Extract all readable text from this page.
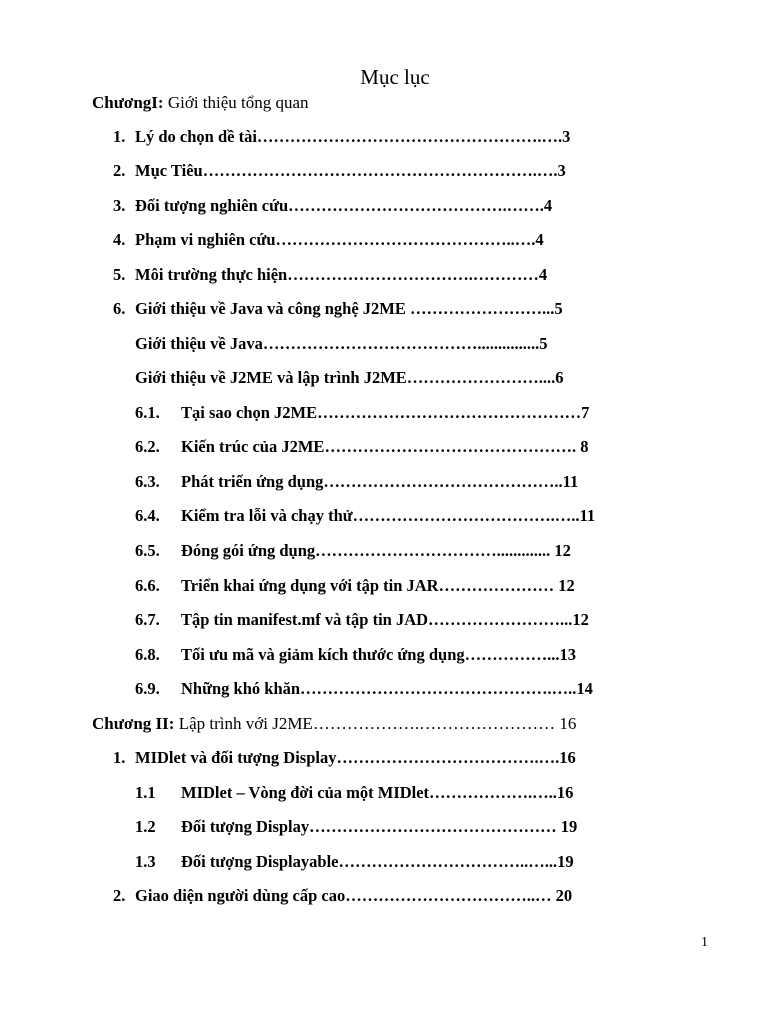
Mục lục
ChươngI: Giới thiệu tổng quan
1. Lý do chọn dề tài…………………………………………….….3
2. Mục Tiêu…………………………………………………….….3
3. Đối tượng nghiên cứu………………………………….…….4
4. Phạm vi nghiên cứu……………………………………..….4
5. Môi trường thực hiện…………………………….…………4
6. Giới thiệu về Java và công nghệ J2ME ……………………...5
Giới thiệu về Java…………………………………...............5
Giới thiệu về J2ME và lập trình J2ME……………………....6
6.1. Tại sao chọn J2ME…………………………………………7
6.2. Kiến trúc của J2ME………………………………………. 8
6.3. Phát triển ứng dụng……………………………………..11
6.4. Kiểm tra lỗi và chạy thử……………………………….…..11
6.5. Đóng gói ứng dụng……………………………............. 12
6.6. Triển khai ứng dụng với tập tin JAR………………… 12
6.7. Tập tin manifest.mf và tập tin JAD……………………...12
6.8. Tối ưu mã và giảm kích thước ứng dụng……………...13
6.9. Những khó khăn……………………………………….…..14
Chương II: Lập trình với J2ME……………….…………………… 16
1. MIDlet và đối tượng Display……………………………….….16
1.1 MIDlet – Vòng đời của một MIDlet……………….…..16
1.2 Đối tượng Display……………………………………… 19
1.3 Đối tượng Displayable……………………………..…...19
2. Giao diện người dùng cấp cao……………………………..… 20
1
